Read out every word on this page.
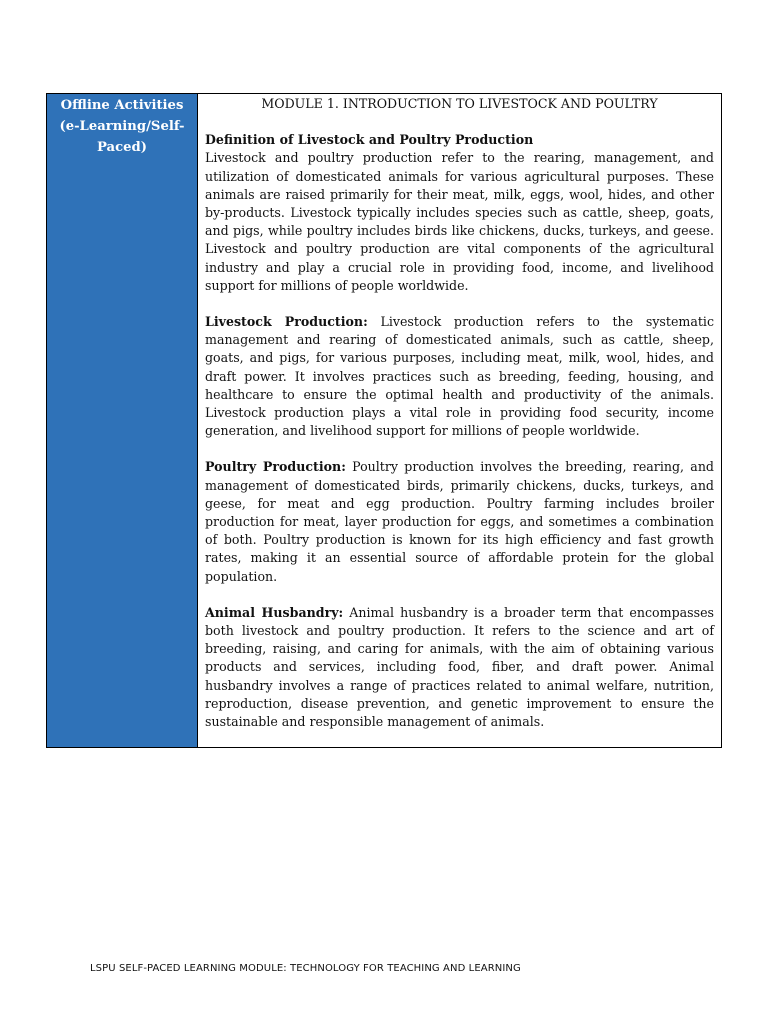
Offline Activities (e-Learning/Self-Paced)

MODULE 1. INTRODUCTION TO LIVESTOCK AND POULTRY
Definition of Livestock and Poultry Production

Livestock and poultry production refer to the rearing, management, and utilization of domesticated animals for various agricultural purposes. These animals are raised primarily for their meat, milk, eggs, wool, hides, and other by-products. Livestock typically includes species such as cattle, sheep, goats, and pigs, while poultry includes birds like chickens, ducks, turkeys, and geese. Livestock and poultry production are vital components of the agricultural industry and play a crucial role in providing food, income, and livelihood support for millions of people worldwide.

Livestock Production: Livestock production refers to the systematic management and rearing of domesticated animals, such as cattle, sheep, goats, and pigs, for various purposes, including meat, milk, wool, hides, and draft power. It involves practices such as breeding, feeding, housing, and healthcare to ensure the optimal health and productivity of the animals. Livestock production plays a vital role in providing food security, income generation, and livelihood support for millions of people worldwide.

Poultry Production: Poultry production involves the breeding, rearing, and management of domesticated birds, primarily chickens, ducks, turkeys, and geese, for meat and egg production. Poultry farming includes broiler production for meat, layer production for eggs, and sometimes a combination of both. Poultry production is known for its high efficiency and fast growth rates, making it an essential source of affordable protein for the global population.

Animal Husbandry: Animal husbandry is a broader term that encompasses both livestock and poultry production. It refers to the science and art of breeding, raising, and caring for animals, with the aim of obtaining various products and services, including food, fiber, and draft power. Animal husbandry involves a range of practices related to animal welfare, nutrition, reproduction, disease prevention, and genetic improvement to ensure the sustainable and responsible management of animals.

LSPU SELF-PACED LEARNING MODULE: TECHNOLOGY FOR TEACHING AND LEARNING
